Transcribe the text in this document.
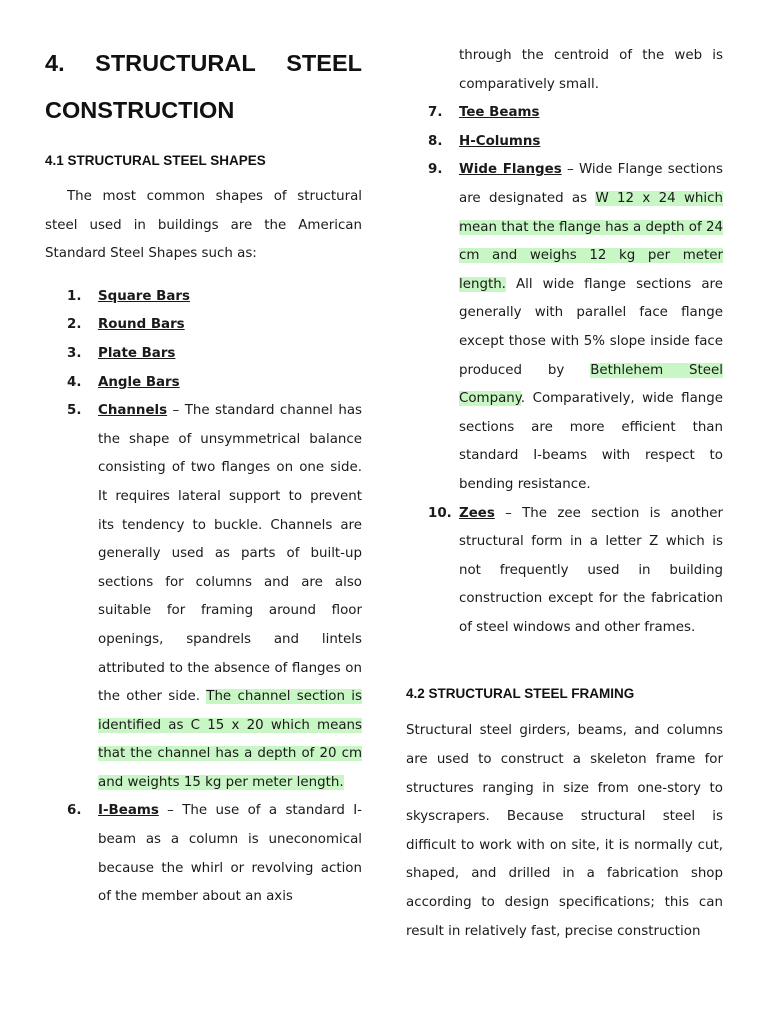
4. STRUCTURAL STEEL
CONSTRUCTION
4.1 STRUCTURAL STEEL SHAPES

The most common shapes of structural steel used in buildings are the American Standard Steel Shapes such as:

1. Square Bars
2. Round Bars
3. Plate Bars
4. Angle Bars
5. Channels – The standard channel has the shape of unsymmetrical balance consisting of two flanges on one side. It requires lateral support to prevent its tendency to buckle. Channels are generally used as parts of built-up sections for columns and are also suitable for framing around floor openings, spandrels and lintels attributed to the absence of flanges on the other side. The channel section is identified as C 15 x 20 which means that the channel has a depth of 20 cm and weights 15 kg per meter length.
6. I-Beams – The use of a standard I-beam as a column is uneconomical because the whirl or revolving action of the member about an axis
through the centroid of the web is comparatively small.
7. Tee Beams
8. H-Columns
9. Wide Flanges – Wide Flange sections are designated as W 12 x 24 which mean that the flange has a depth of 24 cm and weighs 12 kg per meter length. All wide flange sections are generally with parallel face flange except those with 5% slope inside face produced by Bethlehem Steel Company. Comparatively, wide flange sections are more efficient than standard I-beams with respect to bending resistance.
10. Zees – The zee section is another structural form in a letter Z which is not frequently used in building construction except for the fabrication of steel windows and other frames.
4.2 STRUCTURAL STEEL FRAMING

Structural steel girders, beams, and columns are used to construct a skeleton frame for structures ranging in size from one-story to skyscrapers. Because structural steel is difficult to work with on site, it is normally cut, shaped, and drilled in a fabrication shop according to design specifications; this can result in relatively fast, precise construction
